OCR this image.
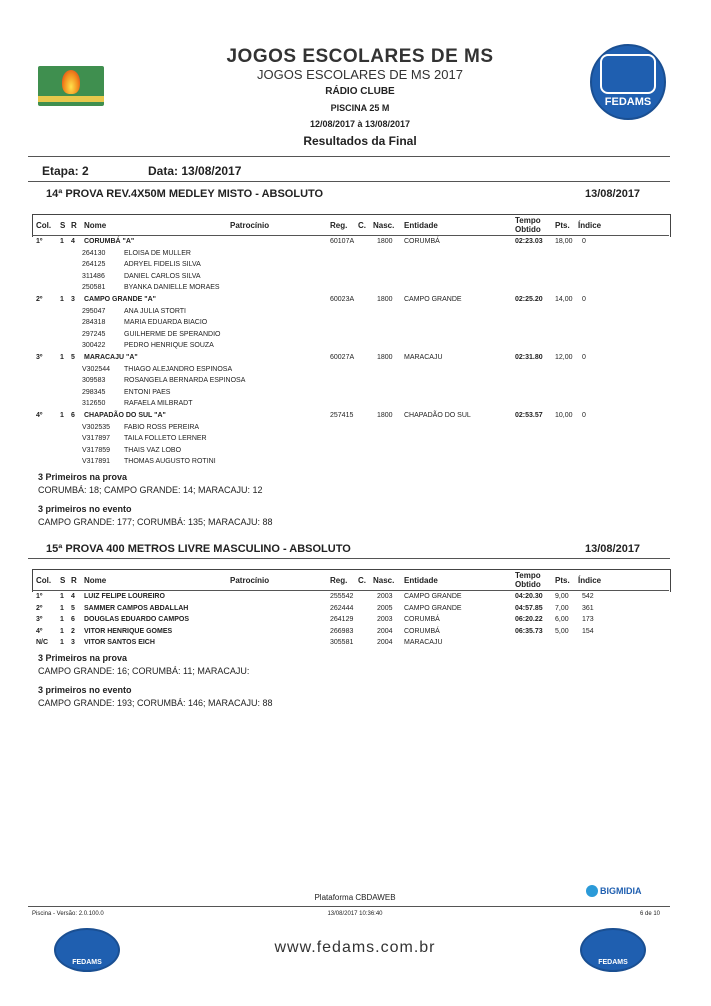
JOGOS ESCOLARES DE MS
JOGOS ESCOLARES DE MS 2017
RÁDIO CLUBE
PISCINA 25 M
12/08/2017 à 13/08/2017
Resultados da Final
FEDAMS
Etapa: 2	Data: 13/08/2017
14ª PROVA REV.4X50M MEDLEY MISTO - ABSOLUTO	13/08/2017
Col. S R Nome	Patrocínio	Reg. C. Nasc. Entidade
Tempo
Obtido Pts. Índice
1º	1 4 CORUMBÁ "A"	60107A	1800 CORUMBÁ	02:23.03 18,00 0
264130	ELOISA DE MULLER
264125	ADRYEL FIDELIS SILVA
311486	DANIEL CARLOS SILVA
250581	BYANKA DANIELLE MORAES
2º	1 3 CAMPO GRANDE "A"	60023A	1800 CAMPO GRANDE	02:25.20 14,00 0
295047	ANA JULIA STORTI
284318	MARIA EDUARDA BIACIO
297245	GUILHERME DE SPERANDIO
300422	PEDRO HENRIQUE SOUZA
3º	1 5 MARACAJU "A"	60027A	1800 MARACAJU	02:31.80 12,00 0
V302544 THIAGO ALEJANDRO ESPINOSA
309583	ROSANGELA BERNARDA ESPINOSA
298345	ENTONI PAES
312650	RAFAELA MILBRADT
4º	1 6 CHAPADÃO DO SUL "A"	257415	1800 CHAPADÃO DO SUL	02:53.57 10,00 0
V302535 FABIO ROSS PEREIRA
V317897 TAILA FOLLETO LERNER
V317859 THAIS VAZ LOBO
V317891 THOMAS AUGUSTO ROTINI
3 Primeiros na prova
CORUMBÁ: 18; CAMPO GRANDE: 14; MARACAJU: 12
3 primeiros no evento
CAMPO GRANDE: 177; CORUMBÁ: 135; MARACAJU: 88
15ª PROVA 400 METROS LIVRE MASCULINO - ABSOLUTO	13/08/2017
Col. S R Nome	Patrocínio	Reg. C. Nasc. Entidade
Tempo
Obtido Pts. Índice
1º	1 4 LUIZ FELIPE LOUREIRO	255542	2003 CAMPO GRANDE	04:20.30 9,00 542
2º	1 5 SAMMER CAMPOS ABDALLAH	262444	2005 CAMPO GRANDE	04:57.85 7,00 361
3º	1 6 DOUGLAS EDUARDO CAMPOS	264129	2003 CORUMBÁ	06:20.22 6,00 173
4º	1 2 VITOR HENRIQUE GOMES	266983	2004 CORUMBÁ	06:35.73 5,00 154
N/C 1 3 VITOR SANTOS EICH	305581	2004 MARACAJU
3 Primeiros na prova
CAMPO GRANDE: 16; CORUMBÁ: 11; MARACAJU:
3 primeiros no evento
CAMPO GRANDE: 193; CORUMBÁ: 146; MARACAJU: 88
BIGMIDIA
Plataforma CBDAWEB
Piscina - Versão: 2.0.100.0	13/08/2017 10:36:40	6 de 10
FEDAMS
www.fedams.com.br
FEDAMS
